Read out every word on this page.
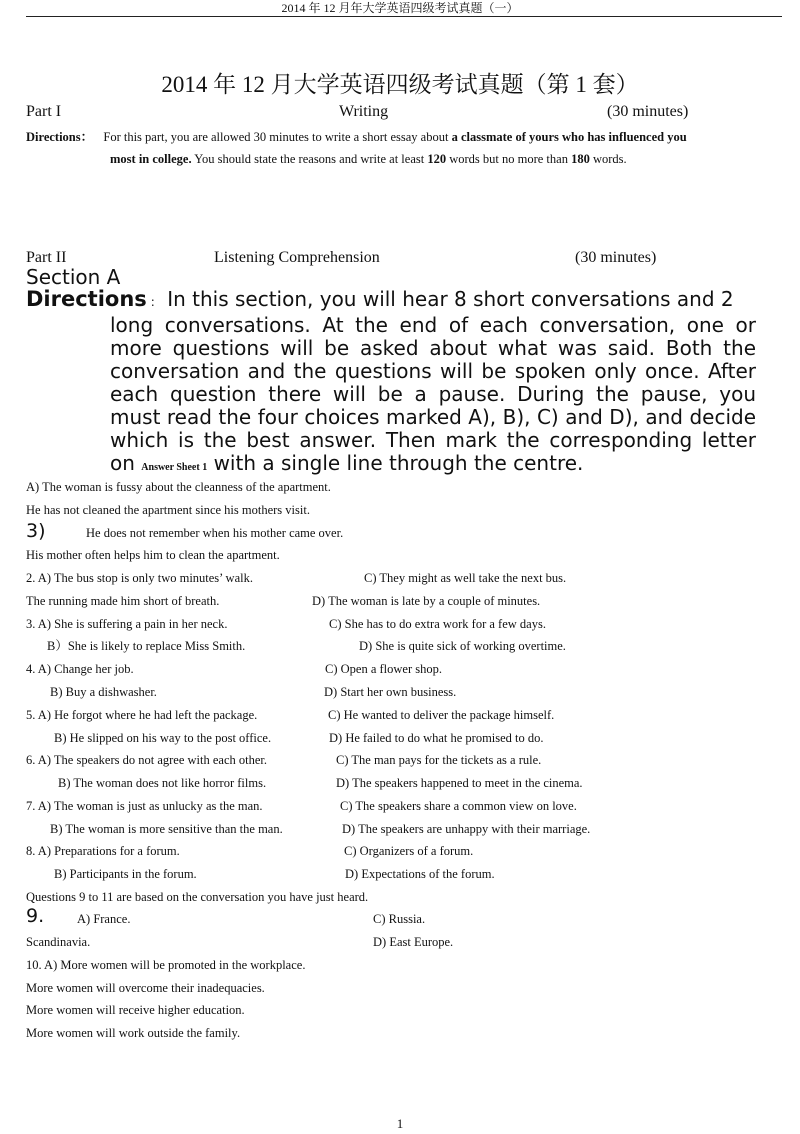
2014 年 12 月年大学英语四级考试真题（一）
2014 年 12 月大学英语四级考试真题（第 1 套）
Part I	Writing	(30 minutes)
Directions： For this part, you are allowed 30 minutes to write a short essay about a classmate of yours who has influenced you
most in college. You should state the reasons and write at least 120 words but no more than 180 words.
Part II	Listening Comprehension	(30 minutes)
Section A
Directions : In this section, you will hear 8 short conversations and 2
long conversations. At the end of each conversation, one or more questions will be asked about what was said. Both the conversation and the questions will be spoken only once. After each question there will be a pause. During the pause, you must read the four choices marked A), B), C) and D), and decide which is the best answer. Then mark the corresponding letter on Answer Sheet 1 with a single line through the centre.
A) The woman is fussy about the cleanness of the apartment.
He has not cleaned the apartment since his mothers visit.
3)	He does not remember when his mother came over.
His mother often helps him to clean the apartment.
2. A) The bus stop is only two minutes’ walk.	C) They might as well take the next bus.
The running made him short of breath.	D) The woman is late by a couple of minutes.
3. A) She is suffering a pain in her neck.	C) She has to do extra work for a few days.
B）She is likely to replace Miss Smith.	D) She is quite sick of working overtime.
4. A) Change her job.	C) Open a flower shop.
B) Buy a dishwasher.	D) Start her own business.
5. A) He forgot where he had left the package.	C) He wanted to deliver the package himself.
B) He slipped on his way to the post office.	D) He failed to do what he promised to do.
6. A) The speakers do not agree with each other.	C) The man pays for the tickets as a rule.
B) The woman does not like horror films.	D) The speakers happened to meet in the cinema.
7. A) The woman is just as unlucky as the man.	C) The speakers share a common view on love.
B) The woman is more sensitive than the man.	D) The speakers are unhappy with their marriage.
8. A) Preparations for a forum.	C) Organizers of a forum.
B) Participants in the forum.	D) Expectations of the forum.
Questions 9 to 11 are based on the conversation you have just heard.
9.	A) France.	C) Russia.
Scandinavia.	D) East Europe.
10. A) More women will be promoted in the workplace.
More women will overcome their inadequacies.
More women will receive higher education.
More women will work outside the family.
1
